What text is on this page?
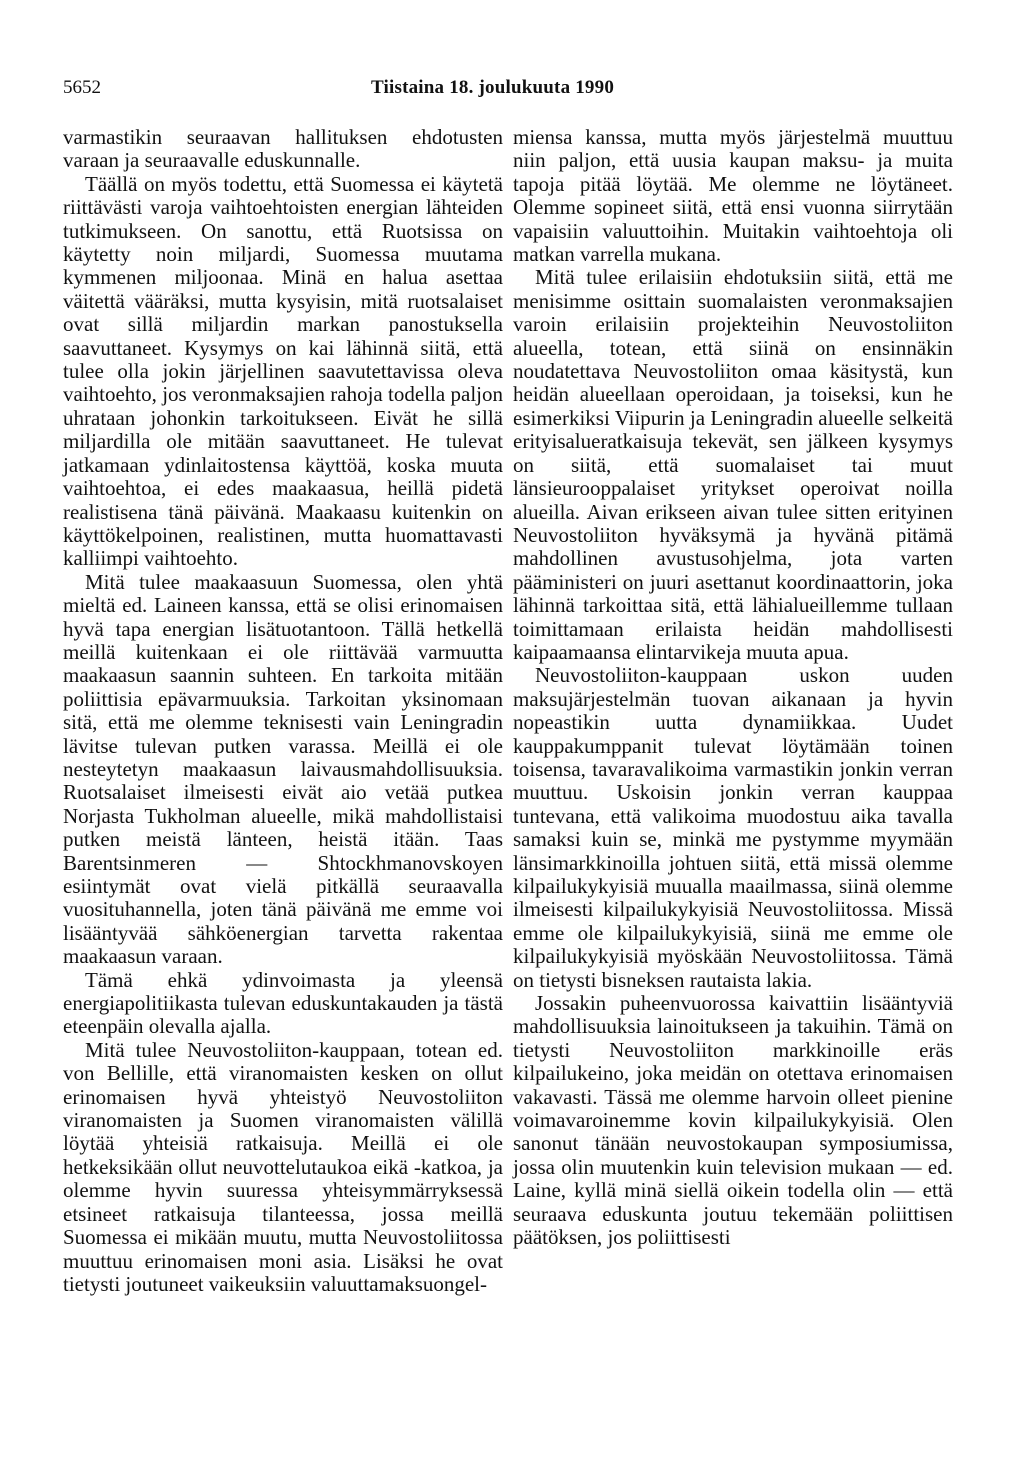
5652	Tiistaina 18. joulukuuta 1990

varmastikin seuraavan hallituksen ehdotusten varaan ja seuraavalle eduskunnalle.

Täällä on myös todettu, että Suomessa ei käytetä riittävästi varoja vaihtoehtoisten energian lähteiden tutkimukseen. On sanottu, että Ruotsissa on käytetty noin miljardi, Suomessa muutama kymmenen miljoonaa. Minä en halua asettaa väitettä vääräksi, mutta kysyisin, mitä ruotsalaiset ovat sillä miljardin markan panostuksella saavuttaneet. Kysymys on kai lähinnä siitä, että tulee olla jokin järjellinen saavutettavissa oleva vaihtoehto, jos veronmaksajien rahoja todella paljon uhrataan johonkin tarkoitukseen. Eivät he sillä miljardilla ole mitään saavuttaneet. He tulevat jatkamaan ydinlaitostensa käyttöä, koska muuta vaihtoehtoa, ei edes maakaasua, heillä pidetä realistisena tänä päivänä. Maakaasu kuitenkin on käyttökelpoinen, realistinen, mutta huomattavasti kalliimpi vaihtoehto.

Mitä tulee maakaasuun Suomessa, olen yhtä mieltä ed. Laineen kanssa, että se olisi erinomaisen hyvä tapa energian lisätuotantoon. Tällä hetkellä meillä kuitenkaan ei ole riittävää varmuutta maakaasun saannin suhteen. En tarkoita mitään poliittisia epävarmuuksia. Tarkoitan yksinomaan sitä, että me olemme teknisesti vain Leningradin lävitse tulevan putken varassa. Meillä ei ole nesteytetyn maakaasun laivausmahdollisuuksia. Ruotsalaiset ilmeisesti eivät aio vetää putkea Norjasta Tukholman alueelle, mikä mahdollistaisi putken meistä länteen, heistä itään. Taas Barentsinmeren — Shtockhmanovskoyen esiintymät ovat vielä pitkällä seuraavalla vuosituhannella, joten tänä päivänä me emme voi lisääntyvää sähköenergian tarvetta rakentaa maakaasun varaan.

Tämä ehkä ydinvoimasta ja yleensä energiapolitiikasta tulevan eduskuntakauden ja tästä eteenpäin olevalla ajalla.

Mitä tulee Neuvostoliiton-kauppaan, totean ed. von Bellille, että viranomaisten kesken on ollut erinomaisen hyvä yhteistyö Neuvostoliiton viranomaisten ja Suomen viranomaisten välillä löytää yhteisiä ratkaisuja. Meillä ei ole hetkeksikään ollut neuvottelutaukoa eikä -katkoa, ja olemme hyvin suuressa yhteisymmärryksessä etsineet ratkaisuja tilanteessa, jossa meillä Suomessa ei mikään muutu, mutta Neuvostoliitossa muuttuu erinomaisen moni asia. Lisäksi he ovat tietysti joutuneet vaikeuksiin valuuttamaksuongel-

miensa kanssa, mutta myös järjestelmä muuttuu niin paljon, että uusia kaupan maksu- ja muita tapoja pitää löytää. Me olemme ne löytäneet. Olemme sopineet siitä, että ensi vuonna siirrytään vapaisiin valuuttoihin. Muitakin vaihtoehtoja oli matkan varrella mukana.

Mitä tulee erilaisiin ehdotuksiin siitä, että me menisimme osittain suomalaisten veronmaksajien varoin erilaisiin projekteihin Neuvostoliiton alueella, totean, että siinä on ensinnäkin noudatettava Neuvostoliiton omaa käsitystä, kun heidän alueellaan operoidaan, ja toiseksi, kun he esimerkiksi Viipurin ja Leningradin alueelle selkeitä erityisalueratkaisuja tekevät, sen jälkeen kysymys on siitä, että suomalaiset tai muut länsieurooppalaiset yritykset operoivat noilla alueilla. Aivan erikseen aivan tulee sitten erityinen Neuvostoliiton hyväksymä ja hyvänä pitämä mahdollinen avustusohjelma, jota varten pääministeri on juuri asettanut koordinaattorin, joka lähinnä tarkoittaa sitä, että lähialueillemme tullaan toimittamaan erilaista heidän mahdollisesti kaipaamaansa elintarvikeja muuta apua.

Neuvostoliiton-kauppaan uskon uuden maksujärjestelmän tuovan aikanaan ja hyvin nopeastikin uutta dynamiikkaa. Uudet kauppakumppanit tulevat löytämään toinen toisensa, tavaravalikoima varmastikin jonkin verran muuttuu. Uskoisin jonkin verran kauppaa tuntevana, että valikoima muodostuu aika tavalla samaksi kuin se, minkä me pystymme myymään länsimarkkinoilla johtuen siitä, että missä olemme kilpailukykyisiä muualla maailmassa, siinä olemme ilmeisesti kilpailukykyisiä Neuvostoliitossa. Missä emme ole kilpailukykyisiä, siinä me emme ole kilpailukykyisiä myöskään Neuvostoliitossa. Tämä on tietysti bisneksen rautaista lakia.

Jossakin puheenvuorossa kaivattiin lisääntyviä mahdollisuuksia lainoitukseen ja takuihin. Tämä on tietysti Neuvostoliiton markkinoille eräs kilpailukeino, joka meidän on otettava erinomaisen vakavasti. Tässä me olemme harvoin olleet pienine voimavaroinemme kovin kilpailukykyisiä. Olen sanonut tänään neuvostokaupan symposiumissa, jossa olin muutenkin kuin television mukaan — ed. Laine, kyllä minä siellä oikein todella olin — että seuraava eduskunta joutuu tekemään poliittisen päätöksen, jos poliittisesti
